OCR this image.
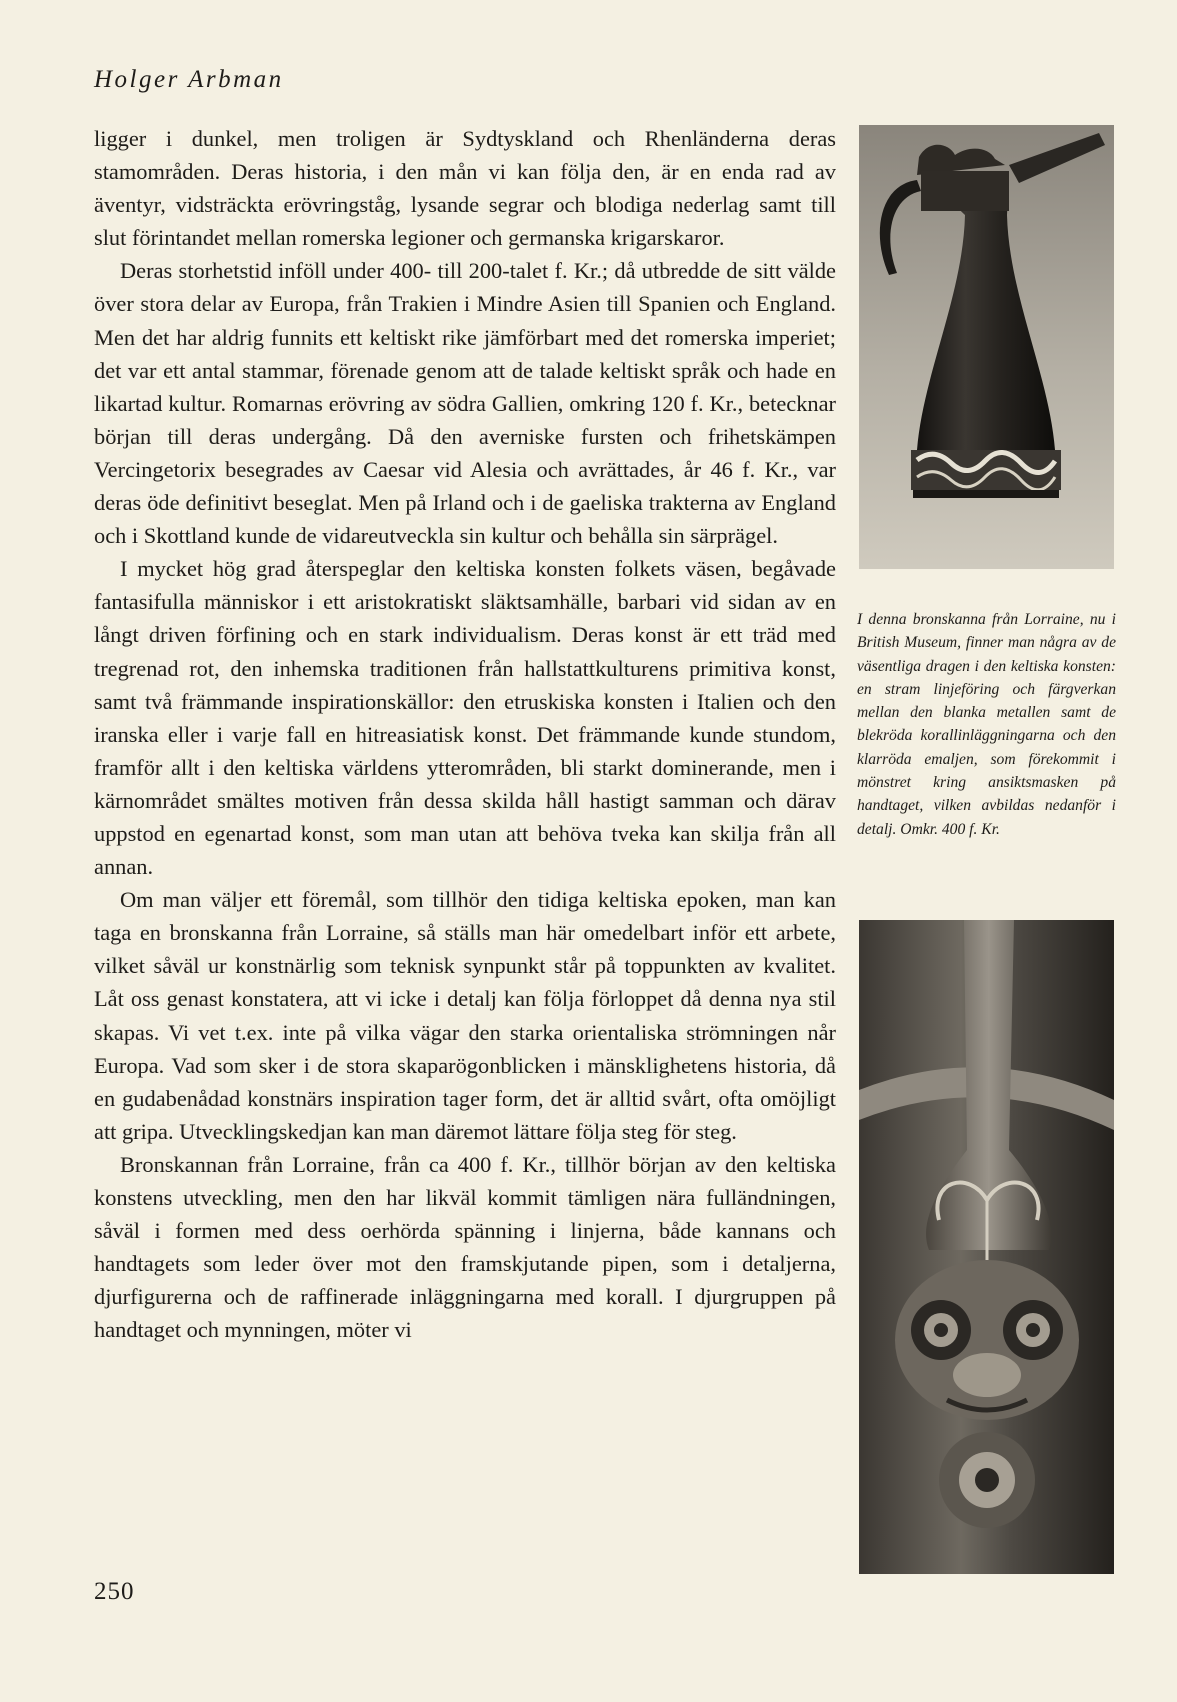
Holger Arbman

ligger i dunkel, men troligen är Sydtyskland och Rhenländerna deras stamområden. Deras historia, i den mån vi kan följa den, är en enda rad av äventyr, vidsträckta erövringståg, lysande segrar och blodiga nederlag samt till slut förintandet mellan romerska legioner och germanska krigarskaror.

Deras storhetstid inföll under 400- till 200-talet f. Kr.; då utbredde de sitt välde över stora delar av Europa, från Trakien i Mindre Asien till Spanien och England. Men det har aldrig funnits ett keltiskt rike jämförbart med det romerska imperiet; det var ett antal stammar, förenade genom att de talade keltiskt språk och hade en likartad kultur. Romarnas erövring av södra Gallien, omkring 120 f. Kr., betecknar början till deras undergång. Då den averniske fursten och frihetskämpen Vercingetorix besegrades av Caesar vid Alesia och avrättades, år 46 f. Kr., var deras öde definitivt beseglat. Men på Irland och i de gaeliska trakterna av England och i Skottland kunde de vidareutveckla sin kultur och behålla sin särprägel.

I mycket hög grad återspeglar den keltiska konsten folkets väsen, begåvade fantasifulla människor i ett aristokratiskt släktsamhälle, barbari vid sidan av en långt driven förfining och en stark individualism. Deras konst är ett träd med tregrenad rot, den inhemska traditionen från hallstattkulturens primitiva konst, samt två främmande inspirationskällor: den etruskiska konsten i Italien och den iranska eller i varje fall en hitreasiatisk konst. Det främmande kunde stundom, framför allt i den keltiska världens ytterområden, bli starkt dominerande, men i kärnområdet smältes motiven från dessa skilda håll hastigt samman och därav uppstod en egenartad konst, som man utan att behöva tveka kan skilja från all annan.

Om man väljer ett föremål, som tillhör den tidiga keltiska epoken, man kan taga en bronskanna från Lorraine, så ställs man här omedelbart inför ett arbete, vilket såväl ur konstnärlig som teknisk synpunkt står på toppunkten av kvalitet. Låt oss genast konstatera, att vi icke i detalj kan följa förloppet då denna nya stil skapas. Vi vet t.ex. inte på vilka vägar den starka orientaliska strömningen når Europa. Vad som sker i de stora skaparögonblicken i mänsklighetens historia, då en gudabenådad konstnärs inspiration tager form, det är alltid svårt, ofta omöjligt att gripa. Utvecklingskedjan kan man däremot lättare följa steg för steg.

Bronskannan från Lorraine, från ca 400 f. Kr., tillhör början av den keltiska konstens utveckling, men den har likväl kommit tämligen nära fulländningen, såväl i formen med dess oerhörda spänning i linjerna, både kannans och handtagets som leder över mot den framskjutande pipen, som i detaljerna, djurfigurerna och de raffinerade inläggningarna med korall. I djurgruppen på handtaget och mynningen, möter vi

I denna bronskanna från Lorraine, nu i British Museum, finner man några av de väsentliga dragen i den keltiska konsten: en stram linjeföring och färgverkan mellan den blanka metallen samt de blekröda korallinläggningarna och den klarröda emaljen, som förekommit i mönstret kring ansiktsmasken på handtaget, vilken avbildas nedanför i detalj. Omkr. 400 f. Kr.
250
